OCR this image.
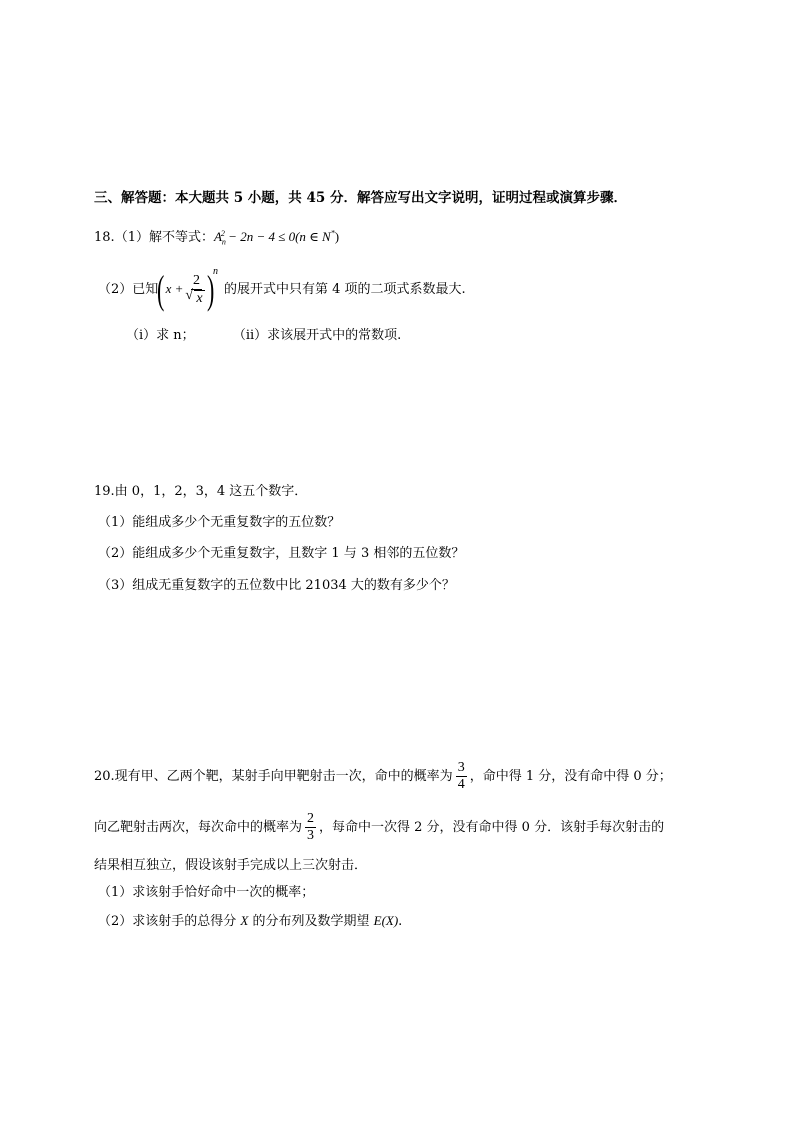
三、解答题：本大题共 5 小题，共 45 分．解答应写出文字说明，证明过程或演算步骤．
18.（1）解不等式：$A_n^2 - 2n - 4 \le 0(n$ ∈ N*)
（2）已知(x + 2
√ x )$^n$的展开式中只有第 4 项的二项式系数最大.
（i）求 n；	（ii）求该展开式中的常数项.
19.由 0，1，2，3，4 这五个数字．
（1）能组成多少个无重复数字的五位数？
（2）能组成多少个无重复数字，且数字 1 与 3 相邻的五位数？
（3）组成无重复数字的五位数中比 21034 大的数有多少个？
20.现有甲、乙两个靶，某射手向甲靶射击一次，命中的概率为 $\frac{3}{4}$ ，命中得 1 分，没有命中得 0 分；
向乙靶射击两次，每次命中的概率为 $\frac{2}{3}$ ，每命中一次得 2 分，没有命中得 0 分．该射手每次射击的
结果相互独立，假设该射手完成以上三次射击．
（1）求该射手恰好命中一次的概率；
（2）求该射手的总得分 X 的分布列及数学期望 E(X).
